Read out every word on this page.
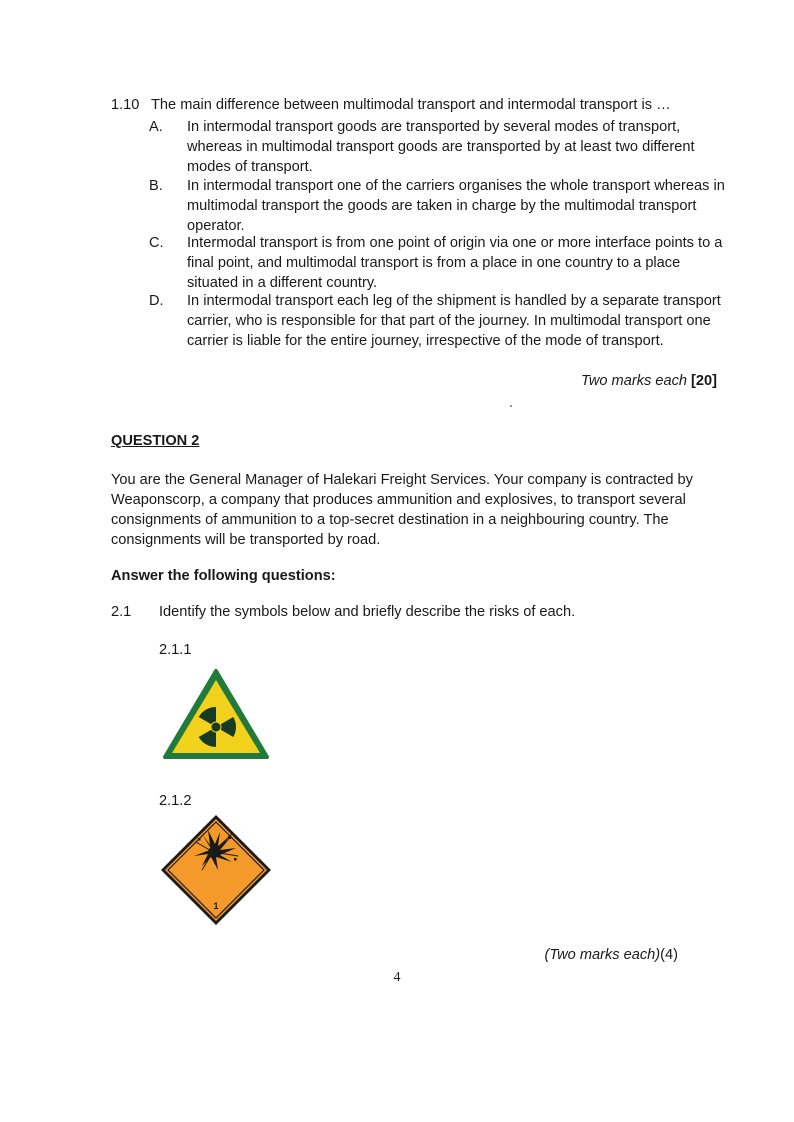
1.10 The main difference between multimodal transport and intermodal transport is …
A.	In intermodal transport goods are transported by several modes of transport, whereas in multimodal transport goods are transported by at least two different modes of transport.
B.	In intermodal transport one of the carriers organises the whole transport whereas in multimodal transport the goods are taken in charge by the multimodal transport operator.
C.	Intermodal transport is from one point of origin via one or more interface points to a final point, and multimodal transport is from a place in one country to a place situated in a different country.
D.	In intermodal transport each leg of the shipment is handled by a separate transport carrier, who is responsible for that part of the journey. In multimodal transport one carrier is liable for the entire journey, irrespective of the mode of transport.
Two marks each [20]
QUESTION 2
You are the General Manager of Halekari Freight Services. Your company is contracted by Weaponscorp, a company that produces ammunition and explosives, to transport several consignments of ammunition to a top-secret destination in a neighbouring country. The consignments will be transported by road.
Answer the following questions:
2.1 Identify the symbols below and briefly describe the risks of each.
2.1.1
2.1.2
1
(Two marks each)(4)
4
